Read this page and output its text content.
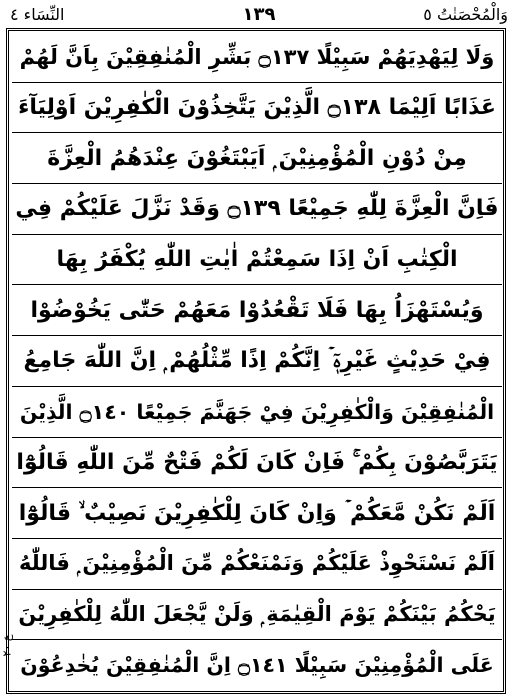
النِّسَاء ٤	١٣٩	وَالْمُحْصَنٰتُ ٥
وَلَا لِيَهْدِيَهُمْ سَبِيْلًا ۝١٣٧ بَشِّرِ الْمُنٰفِقِيْنَ بِاَنَّ لَهُمْ
عَذَابًا اَلِيْمَا ۝١٣٨ الَّذِيْنَ يَتَّخِذُوْنَ الْكٰفِرِيْنَ اَوْلِيَآءَ
مِنْ دُوْنِ الْمُؤْمِنِيْنَ ۭ اَيَبْتَغُوْنَ عِنْدَهُمُ الْعِزَّةَ
فَاِنَّ الْعِزَّةَ لِلّٰهِ جَمِيْعًا ۝١٣٩ وَقَدْ نَزَّلَ عَلَيْكُمْ فِي
الْكِتٰبِ اَنْ اِذَا سَمِعْتُمْ اٰيٰتِ اللّٰهِ يُكْفَرُ بِهَا
وَيُسْتَهْزَاُ بِهَا فَلَا تَقْعُدُوْا مَعَهُمْ حَتّٰى يَخُوْضُوْا
فِيْ حَدِيْثٍ غَيْرِهٖٓ ۡ اِنَّكُمْ اِذًا مِّثْلُهُمْ ۭ اِنَّ اللّٰهَ جَامِعُ
الْمُنٰفِقِيْنَ وَالْكٰفِرِيْنَ فِيْ جَهَنَّمَ جَمِيْعًا ۝١٤٠ الَّذِيْنَ
يَتَرَبَّصُوْنَ بِكُمْ ۚ فَاِنْ كَانَ لَكُمْ فَتْحٌ مِّنَ اللّٰهِ قَالُوْٓا
اَلَمْ نَكُنْ مَّعَكُمْ ۡ وَاِنْ كَانَ لِلْكٰفِرِيْنَ نَصِيْبٌ ۙ قَالُوْٓا
اَلَمْ نَسْتَحْوِذْ عَلَيْكُمْ وَنَمْنَعْكُمْ مِّنَ الْمُؤْمِنِيْنَ ۭ فَاللّٰهُ
يَحْكُمُ بَيْنَكُمْ يَوْمَ الْقِيٰمَةِ ۭ وَلَنْ يَّجْعَلَ اللّٰهُ لِلْكٰفِرِيْنَ
عَلَى الْمُؤْمِنِيْنَ سَبِيْلًا ۝١٤١ اِنَّ الْمُنٰفِقِيْنَ يُخٰدِعُوْنَ
ع ٢٠
